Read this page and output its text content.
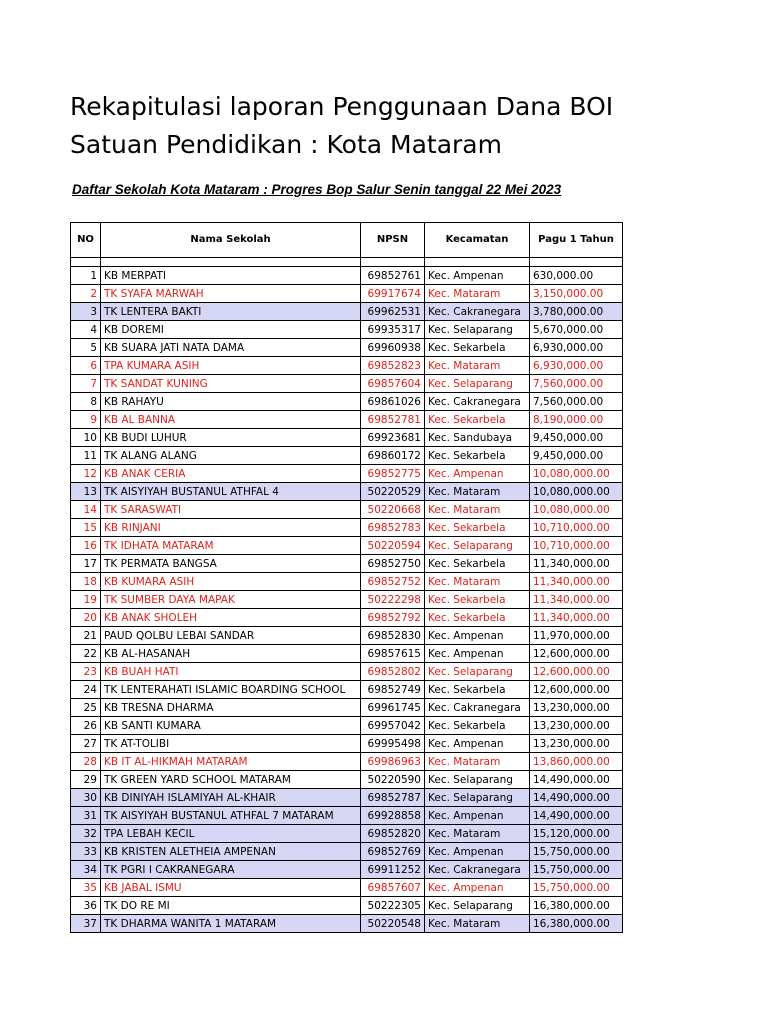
Rekapitulasi laporan Penggunaan Dana BOI
Satuan Pendidikan : Kota Mataram
Daftar Sekolah Kota Mataram : Progres Bop Salur Senin tanggal 22 Mei 2023
NO	Nama Sekolah	NPSN	Kecamatan	Pagu 1 Tahun

1	KB MERPATI	69852761	Kec. Ampenan	630,000.00
2	TK SYAFA MARWAH	69917674	Kec. Mataram	3,150,000.00
3	TK LENTERA BAKTI	69962531	Kec. Cakranegara	3,780,000.00
4	KB DOREMI	69935317	Kec. Selaparang	5,670,000.00
5	KB SUARA JATI NATA DAMA	69960938	Kec. Sekarbela	6,930,000.00
6	TPA KUMARA ASIH	69852823	Kec. Mataram	6,930,000.00
7	TK SANDAT KUNING	69857604	Kec. Selaparang	7,560,000.00
8	KB RAHAYU	69861026	Kec. Cakranegara	7,560,000.00
9	KB AL BANNA	69852781	Kec. Sekarbela	8,190,000.00
10	KB BUDI LUHUR	69923681	Kec. Sandubaya	9,450,000.00
11	TK ALANG ALANG	69860172	Kec. Sekarbela	9,450,000.00
12	KB ANAK CERIA	69852775	Kec. Ampenan	10,080,000.00
13	TK AISYIYAH BUSTANUL ATHFAL 4	50220529	Kec. Mataram	10,080,000.00
14	TK SARASWATI	50220668	Kec. Mataram	10,080,000.00
15	KB RINJANI	69852783	Kec. Sekarbela	10,710,000.00
16	TK IDHATA MATARAM	50220594	Kec. Selaparang	10,710,000.00
17	TK PERMATA BANGSA	69852750	Kec. Sekarbela	11,340,000.00
18	KB KUMARA ASIH	69852752	Kec. Mataram	11,340,000.00
19	TK SUMBER DAYA MAPAK	50222298	Kec. Sekarbela	11,340,000.00
20	KB ANAK SHOLEH	69852792	Kec. Sekarbela	11,340,000.00
21	PAUD QOLBU LEBAI SANDAR	69852830	Kec. Ampenan	11,970,000.00
22	KB AL-HASANAH	69857615	Kec. Ampenan	12,600,000.00
23	KB BUAH HATI	69852802	Kec. Selaparang	12,600,000.00
24	TK LENTERAHATI ISLAMIC BOARDING SCHOOL	69852749	Kec. Sekarbela	12,600,000.00
25	KB TRESNA DHARMA	69961745	Kec. Cakranegara	13,230,000.00
26	KB SANTI KUMARA	69957042	Kec. Sekarbela	13,230,000.00
27	TK AT-TOLIBI	69995498	Kec. Ampenan	13,230,000.00
28	KB IT AL-HIKMAH MATARAM	69986963	Kec. Mataram	13,860,000.00
29	TK GREEN YARD SCHOOL MATARAM	50220590	Kec. Selaparang	14,490,000.00
30	KB DINIYAH ISLAMIYAH AL-KHAIR	69852787	Kec. Selaparang	14,490,000.00
31	TK AISYIYAH BUSTANUL ATHFAL 7 MATARAM	69928858	Kec. Ampenan	14,490,000.00
32	TPA LEBAH KECIL	69852820	Kec. Mataram	15,120,000.00
33	KB KRISTEN ALETHEIA AMPENAN	69852769	Kec. Ampenan	15,750,000.00
34	TK PGRI I CAKRANEGARA	69911252	Kec. Cakranegara	15,750,000.00
35	KB JABAL ISMU	69857607	Kec. Ampenan	15,750,000.00
36	TK DO RE MI	50222305	Kec. Selaparang	16,380,000.00
37	TK DHARMA WANITA 1 MATARAM	50220548	Kec. Mataram	16,380,000.00
